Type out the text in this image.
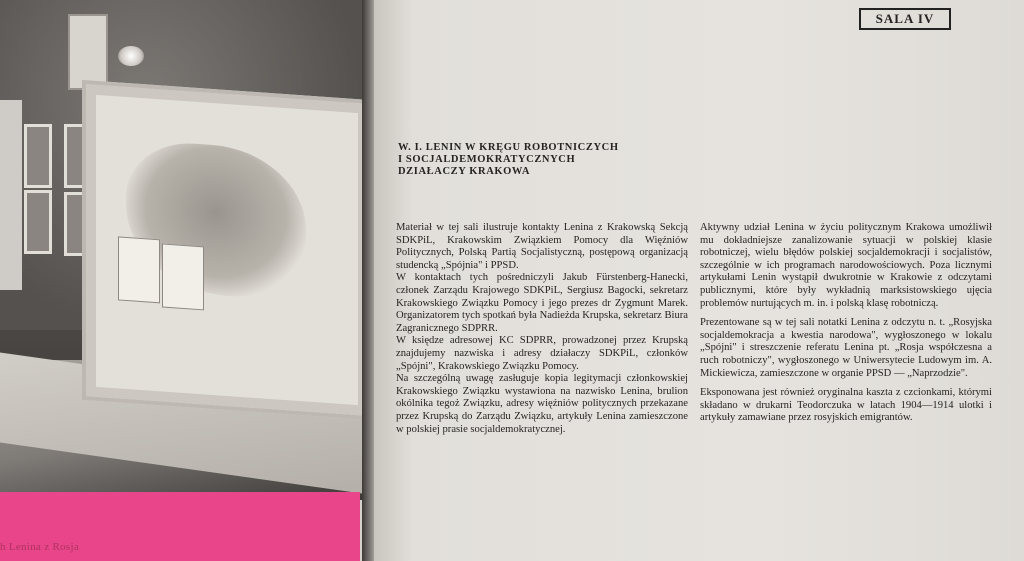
h Lenina z Rosja
SALA IV
W. I. LENIN W KRĘGU ROBOTNICZYCH
I SOCJALDEMOKRATYCZNYCH
DZIAŁACZY KRAKOWA

Materiał w tej sali ilustruje kontakty Lenina z Krakowską Sekcją SDKPiL, Krakowskim Związkiem Pomocy dla Więźniów Politycznych, Polską Partią Socjalistyczną, postępową organizacją studencką „Spójnia" i PPSD.

W kontaktach tych pośredniczyli Jakub Fürstenberg-Hanecki, członek Zarządu Krajowego SDKPiL, Sergiusz Bagocki, sekretarz Krakowskiego Związku Pomocy i jego prezes dr Zygmunt Marek. Organizatorem tych spotkań była Nadieżda Krupska, sekretarz Biura Zagranicznego SDPRR.

W księdze adresowej KC SDPRR, prowadzonej przez Krupską znajdujemy nazwiska i adresy działaczy SDKPiL, członków „Spójni", Krakowskiego Związku Pomocy.

Na szczególną uwagę zasługuje kopia legitymacji członkowskiej Krakowskiego Związku wystawiona na nazwisko Lenina, brulion okólnika tegoż Związku, adresy więźniów politycznych przekazane przez Krupską do Zarządu Związku, artykuły Lenina zamieszczone w polskiej prasie socjaldemokratycznej.

Aktywny udział Lenina w życiu politycznym Krakowa umożliwił mu dokładniejsze zanalizowanie sytuacji w polskiej klasie robotniczej, wielu błędów polskiej socjaldemokracji i socjalistów, szczególnie w ich programach narodowościowych. Poza licznymi artykułami Lenin wystąpił dwukrotnie w Krakowie z odczytami publicznymi, które były wykładnią marksistowskiego ujęcia problemów nurtujących m. in. i polską klasę robotniczą.

Prezentowane są w tej sali notatki Lenina z odczytu n. t. „Rosyjska socjaldemokracja a kwestia narodowa", wygłoszonego w lokalu „Spójni" i streszczenie referatu Lenina pt. „Rosja współczesna a ruch robotniczy", wygłoszonego w Uniwersytecie Ludowym im. A. Mickiewicza, zamieszczone w organie PPSD — „Naprzodzie".

Eksponowana jest również oryginalna kaszta z czcionkami, którymi składano w drukarni Teodorczuka w latach 1904—1914 ulotki i artykuły zamawiane przez rosyjskich emigrantów.
